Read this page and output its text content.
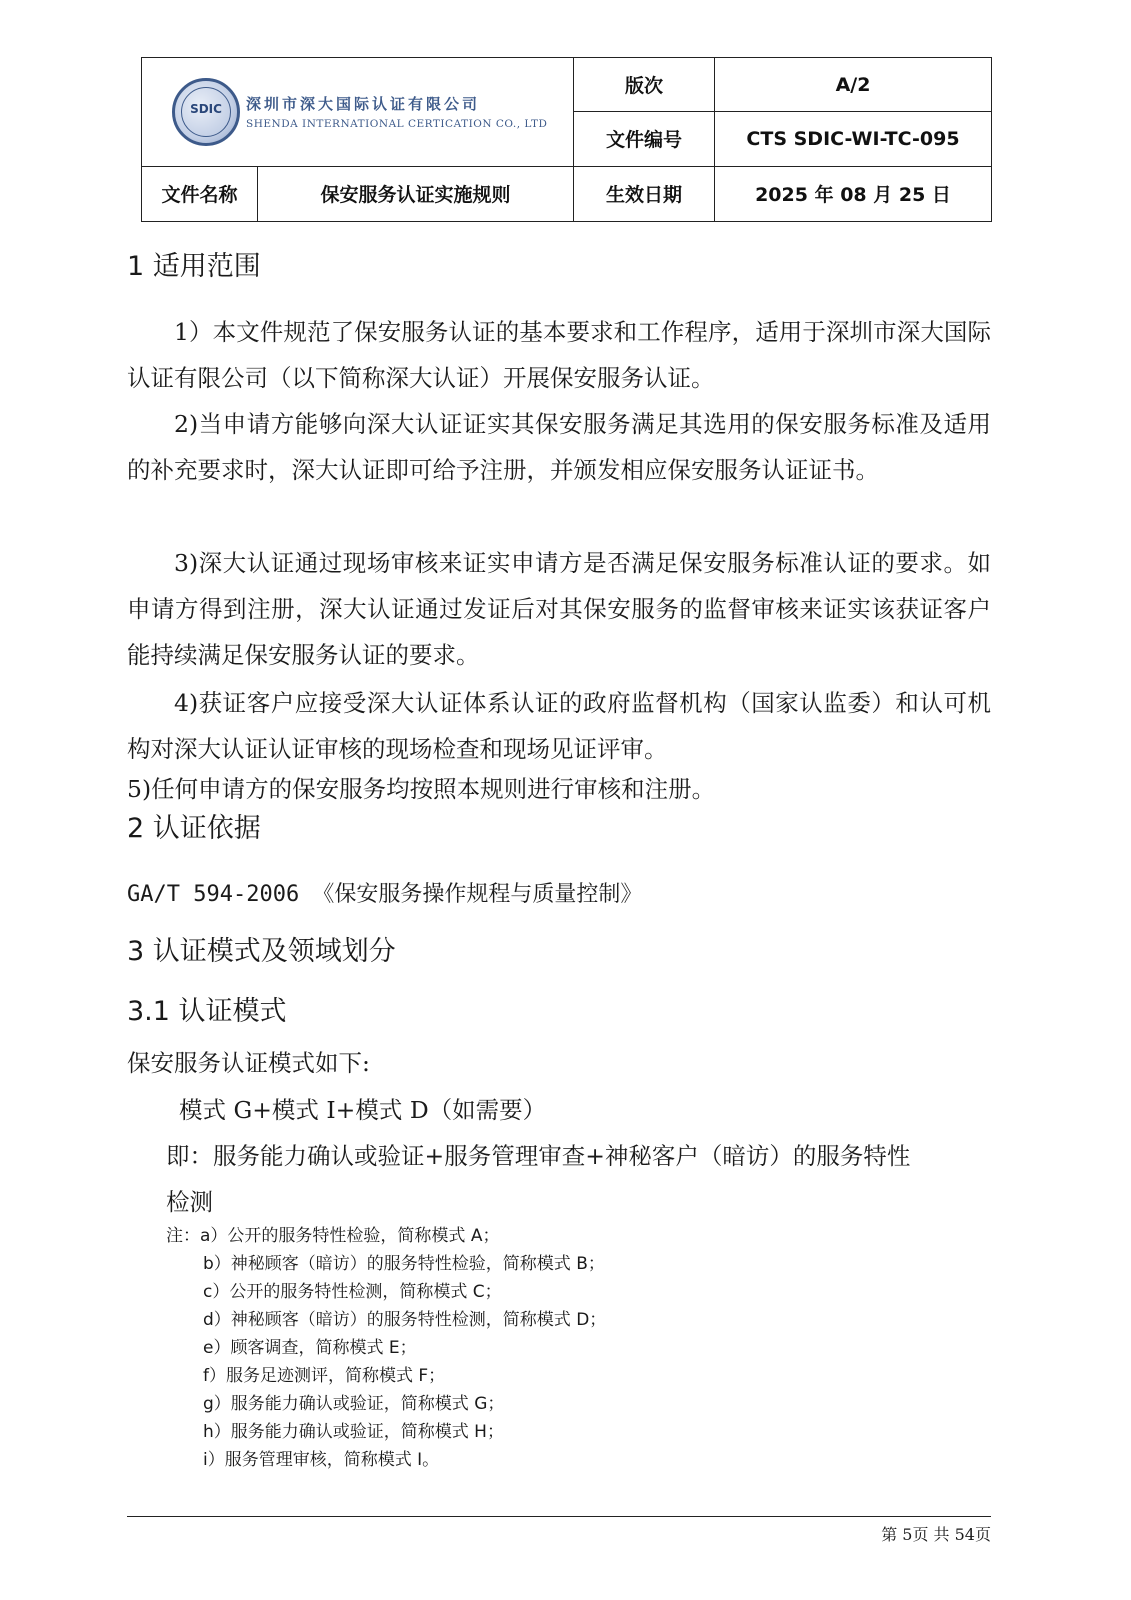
SDIC 深圳市深大国际认证有限公司
SHENDA INTERNATIONAL CERTICATION CO., LTD		版次	A/2
		文件编号	CTS SDIC-WI-TC-095
文件名称	保安服务认证实施规则	生效日期	2025 年 08 月 25 日
1 适用范围

1）本文件规范了保安服务认证的基本要求和工作程序，适用于深圳市深大国际认证有限公司（以下简称深大认证）开展保安服务认证。

2)当申请方能够向深大认证证实其保安服务满足其选用的保安服务标准及适用的补充要求时，深大认证即可给予注册，并颁发相应保安服务认证证书。

3)深大认证通过现场审核来证实申请方是否满足保安服务标准认证的要求。如申请方得到注册，深大认证通过发证后对其保安服务的监督审核来证实该获证客户能持续满足保安服务认证的要求。

4)获证客户应接受深大认证体系认证的政府监督机构（国家认监委）和认可机构对深大认证认证审核的现场检查和现场见证评审。

5)任何申请方的保安服务均按照本规则进行审核和注册。
2 认证依据
GA/T 594-2006 《保安服务操作规程与质量控制》
3 认证模式及领域划分
3.1 认证模式
保安服务认证模式如下:
模式 G+模式 I+模式 D（如需要）
即：服务能力确认或验证+服务管理审查+神秘客户（暗访）的服务特性
检测
注：a）公开的服务特性检验，简称模式 A；
b）神秘顾客（暗访）的服务特性检验，简称模式 B；
c）公开的服务特性检测，简称模式 C；
d）神秘顾客（暗访）的服务特性检测，简称模式 D；
e）顾客调查，简称模式 E；
f）服务足迹测评，简称模式 F；
g）服务能力确认或验证，简称模式 G；
h）服务能力确认或验证，简称模式 H；
i）服务管理审核，简称模式 I。
第 5页 共 54页
